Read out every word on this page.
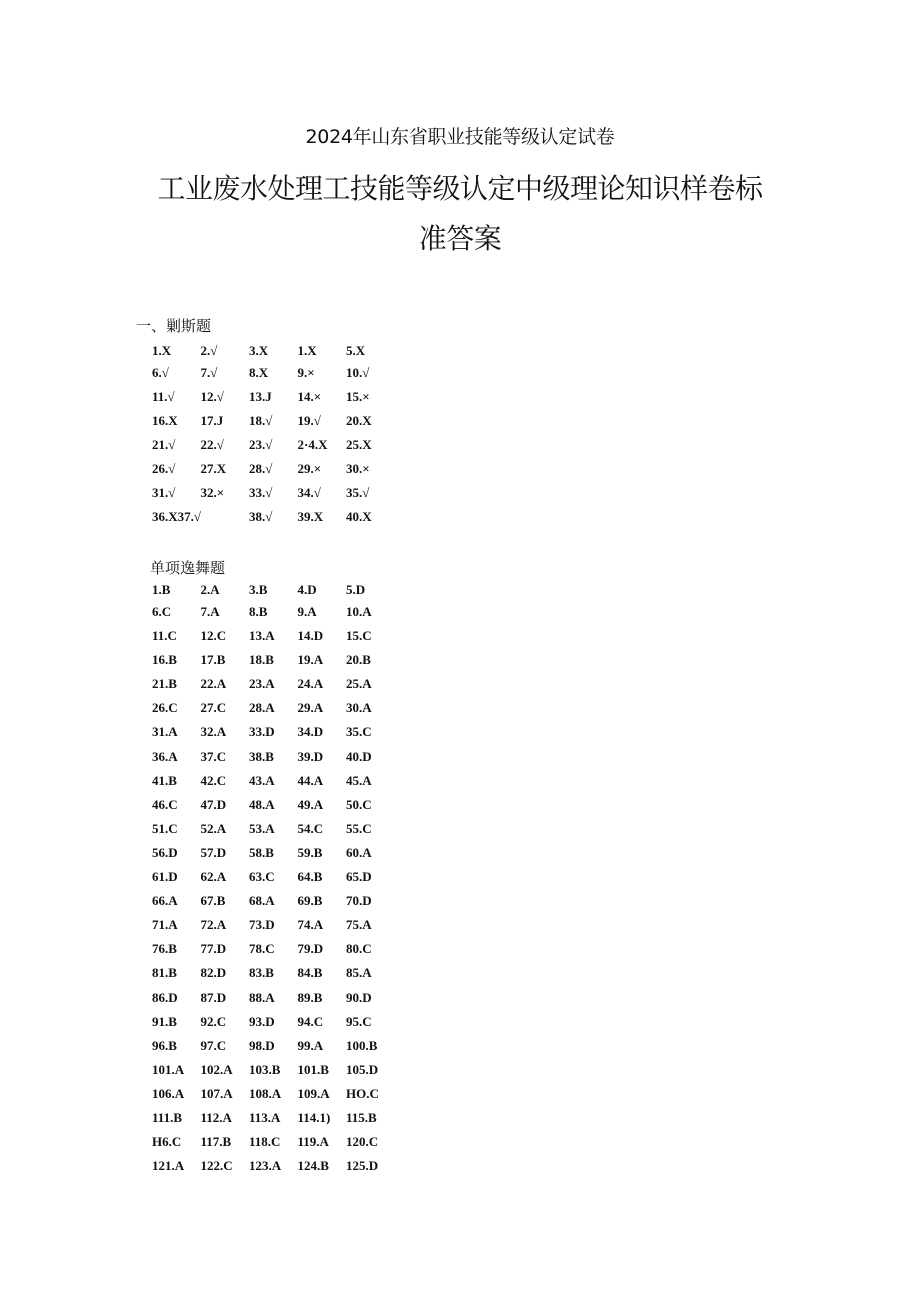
2024年山东省职业技能等级认定试卷
工业废水处理工技能等级认定中级理论知识样卷标
准答案
一、剿斯题
1.X	2.√	3.X	1.X	5.X
6.√	7.√	8.X	9.×	10.√
11.√	12.√	13.J	14.×	15.×
16.X	17.J	18.√	19.√	20.X
21.√	22.√	23.√	2·4.X	25.X
26.√	27.X	28.√	29.×	30.×
31.√	32.×	33.√	34.√	35.√
36.X37.√	38.√	39.X	40.X
单项逸舞题
1.B	2.A	3.B	4.D	5.D
6.C	7.A	8.B	9.A	10.A
11.C	12.C	13.A	14.D	15.C
16.B	17.B	18.B	19.A	20.B
21.B	22.A	23.A	24.A	25.A
26.C	27.C	28.A	29.A	30.A
31.A	32.A	33.D	34.D	35.C
36.A	37.C	38.B	39.D	40.D
41.B	42.C	43.A	44.A	45.A
46.C	47.D	48.A	49.A	50.C
51.C	52.A	53.A	54.C	55.C
56.D	57.D	58.B	59.B	60.A
61.D	62.A	63.C	64.B	65.D
66.A	67.B	68.A	69.B	70.D
71.A	72.A	73.D	74.A	75.A
76.B	77.D	78.C	79.D	80.C
81.B	82.D	83.B	84.B	85.A
86.D	87.D	88.A	89.B	90.D
91.B	92.C	93.D	94.C	95.C
96.B	97.C	98.D	99.A	100.B
101.A	102.A	103.B	101.B	105.D
106.A	107.A	108.A	109.A	HO.C
111.B	112.A	113.A	114.1)	115.B
H6.C	117.B	118.C	119.A	120.C
121.A	122.C	123.A	124.B	125.D
